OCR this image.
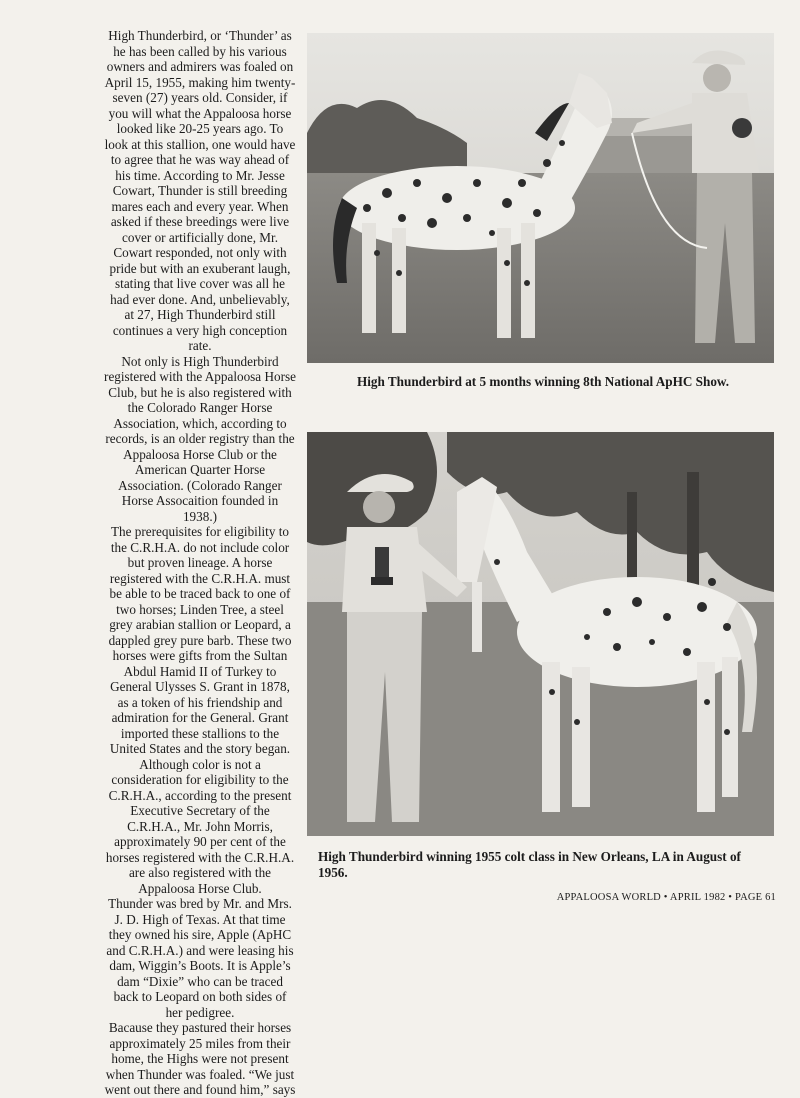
High Thunderbird, or ‘Thunder’ as he has been called by his various owners and admirers was foaled on April 15, 1955, making him twenty-seven (27) years old. Consider, if you will what the Appaloosa horse looked like 20-25 years ago. To look at this stallion, one would have to agree that he was way ahead of his time. According to Mr. Jesse Cowart, Thunder is still breeding mares each and every year. When asked if these breedings were live cover or artificially done, Mr. Cowart responded, not only with pride but with an exuberant laugh, stating that live cover was all he had ever done. And, unbelievably, at 27, High Thunderbird still continues a very high conception rate.

Not only is High Thunderbird registered with the Appaloosa Horse Club, but he is also registered with the Colorado Ranger Horse Association, which, according to records, is an older registry than the Appaloosa Horse Club or the American Quarter Horse Association. (Colorado Ranger Horse Assocaition founded in 1938.)

The prerequisites for eligibility to the C.R.H.A. do not include color but proven lineage. A horse registered with the C.R.H.A. must be able to be traced back to one of two horses; Linden Tree, a steel grey arabian stallion or Leopard, a dappled grey pure barb. These two horses were gifts from the Sultan Abdul Hamid II of Turkey to General Ulysses S. Grant in 1878, as a token of his friendship and admiration for the General. Grant imported these stallions to the United States and the story began.

Although color is not a consideration for eligibility to the C.R.H.A., according to the present Executive Secretary of the C.R.H.A., Mr. John Morris, approximately 90 per cent of the horses registered with the C.R.H.A. are also registered with the Appaloosa Horse Club.

Thunder was bred by Mr. and Mrs. J. D. High of Texas. At that time they owned his sire, Apple (ApHC and C.R.H.A.) and were leasing his dam, Wiggin’s Boots. It is Apple’s dam “Dixie” who can be traced back to Leopard on both sides of her pedigree.

Bacause they pastured their horses approximately 25 miles from their home, the Highs were not present when Thunder was foaled. “We just went out there and found him,” says

High Thunderbird at 5 months winning 8th National ApHC Show.
High Thunderbird winning 1955 colt class in New Orleans, LA in August of 1956.
APPALOOSA WORLD • APRIL 1982 • PAGE 61
